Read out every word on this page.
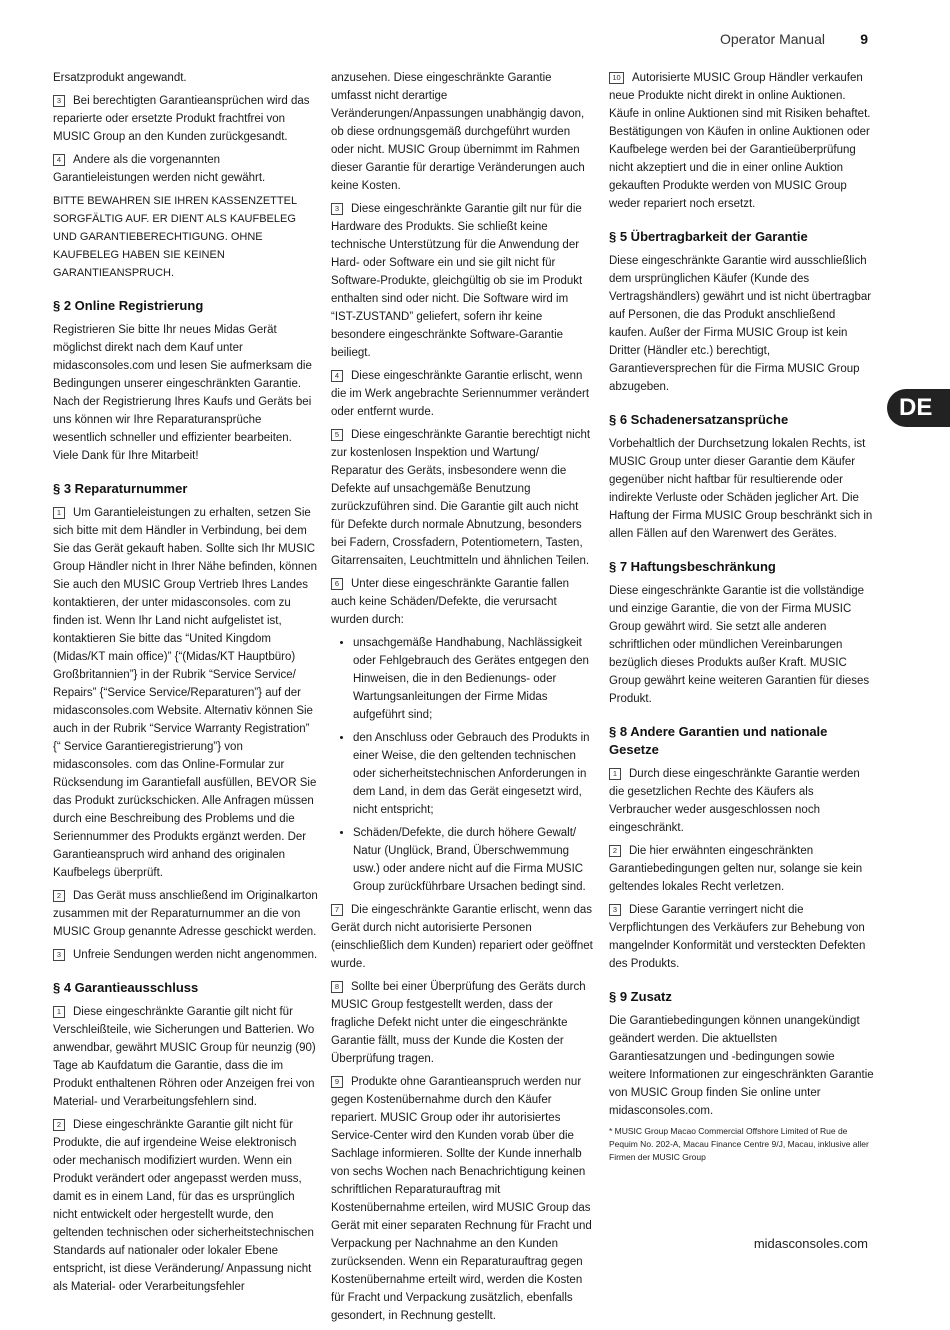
Operator Manual	9

Ersatzprodukt angewandt.

3 Bei berechtigten Garantieansprüchen wird das reparierte oder ersetzte Produkt frachtfrei von MUSIC Group an den Kunden zurückgesandt.

4 Andere als die vorgenannten Garantieleistungen werden nicht gewährt.

BITTE BEWAHREN SIE IHREN KASSENZETTEL SORGFÄLTIG AUF. ER DIENT ALS KAUFBELEG UND GARANTIEBERECHTIGUNG. OHNE KAUFBELEG HABEN SIE KEINEN GARANTIEANSPRUCH.

§ 2 Online Registrierung

Registrieren Sie bitte Ihr neues Midas Gerät möglichst direkt nach dem Kauf unter midasconsoles.com und lesen Sie aufmerksam die Bedingungen unserer eingeschränkten Garantie. Nach der Registrierung Ihres Kaufs und Geräts bei uns können wir Ihre Reparaturansprüche wesentlich schneller und effizienter bearbeiten. Viele Dank für Ihre Mitarbeit!

§ 3 Reparaturnummer

1 Um Garantieleistungen zu erhalten, setzen Sie sich bitte mit dem Händler in Verbindung, bei dem Sie das Gerät gekauft haben. Sollte sich Ihr MUSIC Group Händler nicht in Ihrer Nähe befinden, können Sie auch den MUSIC Group Vertrieb Ihres Landes kontaktieren, der unter midasconsoles. com zu finden ist. Wenn Ihr Land nicht aufgelistet ist, kontaktieren Sie bitte das “United Kingdom (Midas/KT main office)” {“(Midas/KT Hauptbüro) Großbritannien”} in der Rubrik “Service Service/ Repairs” {“Service Service/Reparaturen”} auf der midasconsoles.com Website. Alternativ können Sie auch in der Rubrik “Service Warranty Registration” {“ Service Garantieregistrierung”} von midasconsoles. com das Online-Formular zur Rücksendung im Garantiefall ausfüllen, BEVOR Sie das Produkt zurückschicken. Alle Anfragen müssen durch eine Beschreibung des Problems und die Seriennummer des Produkts ergänzt werden. Der Garantieanspruch wird anhand des originalen Kaufbelegs überprüft.

2 Das Gerät muss anschließend im Originalkarton zusammen mit der Reparaturnummer an die von MUSIC Group genannte Adresse geschickt werden.

3 Unfreie Sendungen werden nicht angenommen.

§ 4 Garantieausschluss

1 Diese eingeschränkte Garantie gilt nicht für Verschleißteile, wie Sicherungen und Batterien. Wo anwendbar, gewährt MUSIC Group für neunzig (90) Tage ab Kaufdatum die Garantie, dass die im Produkt enthaltenen Röhren oder Anzeigen frei von Material- und Verarbeitungsfehlern sind.

2 Diese eingeschränkte Garantie gilt nicht für Produkte, die auf irgendeine Weise elektronisch oder mechanisch modifiziert wurden. Wenn ein Produkt verändert oder angepasst werden muss, damit es in einem Land, für das es ursprünglich nicht entwickelt oder hergestellt wurde, den geltenden technischen oder sicherheitstechnischen Standards auf nationaler oder lokaler Ebene entspricht, ist diese Veränderung/ Anpassung nicht als Material- oder Verarbeitungsfehler

anzusehen. Diese eingeschränkte Garantie umfasst nicht derartige Veränderungen/Anpassungen unabhängig davon, ob diese ordnungsgemäß durchgeführt wurden oder nicht. MUSIC Group übernimmt im Rahmen dieser Garantie für derartige Veränderungen auch keine Kosten.

3 Diese eingeschränkte Garantie gilt nur für die Hardware des Produkts. Sie schließt keine technische Unterstützung für die Anwendung der Hard- oder Software ein und sie gilt nicht für Software-Produkte, gleichgültig ob sie im Produkt enthalten sind oder nicht. Die Software wird im “IST-ZUSTAND” geliefert, sofern ihr keine besondere eingeschränkte Software-Garantie beiliegt.

4 Diese eingeschränkte Garantie erlischt, wenn die im Werk angebrachte Seriennummer verändert oder entfernt wurde.

5 Diese eingeschränkte Garantie berechtigt nicht zur kostenlosen Inspektion und Wartung/ Reparatur des Geräts, insbesondere wenn die Defekte auf unsachgemäße Benutzung zurückzuführen sind. Die Garantie gilt auch nicht für Defekte durch normale Abnutzung, besonders bei Fadern, Crossfadern, Potentiometern, Tasten, Gitarrensaiten, Leuchtmitteln und ähnlichen Teilen.

6 Unter diese eingeschränkte Garantie fallen auch keine Schäden/Defekte, die verursacht wurden durch:

• unsachgemäße Handhabung, Nachlässigkeit oder Fehlgebrauch des Gerätes entgegen den Hinweisen, die in den Bedienungs- oder Wartungsanleitungen der Firme Midas aufgeführt sind;
• den Anschluss oder Gebrauch des Produkts in einer Weise, die den geltenden technischen oder sicherheitstechnischen Anforderungen in dem Land, in dem das Gerät eingesetzt wird, nicht entspricht;
• Schäden/Defekte, die durch höhere Gewalt/ Natur (Unglück, Brand, Überschwemmung usw.) oder andere nicht auf die Firma MUSIC Group zurückführbare Ursachen bedingt sind.

7 Die eingeschränkte Garantie erlischt, wenn das Gerät durch nicht autorisierte Personen (einschließlich dem Kunden) repariert oder geöffnet wurde.

8 Sollte bei einer Überprüfung des Geräts durch MUSIC Group festgestellt werden, dass der fragliche Defekt nicht unter die eingeschränkte Garantie fällt, muss der Kunde die Kosten der Überprüfung tragen.

9 Produkte ohne Garantieanspruch werden nur gegen Kostenübernahme durch den Käufer repariert. MUSIC Group oder ihr autorisiertes Service-Center wird den Kunden vorab über die Sachlage informieren. Sollte der Kunde innerhalb von sechs Wochen nach Benachrichtigung keinen schriftlichen Reparaturauftrag mit Kostenübernahme erteilen, wird MUSIC Group das Gerät mit einer separaten Rechnung für Fracht und Verpackung per Nachnahme an den Kunden zurücksenden. Wenn ein Reparaturauftrag gegen Kostenübernahme erteilt wird, werden die Kosten für Fracht und Verpackung zusätzlich, ebenfalls gesondert, in Rechnung gestellt.

10 Autorisierte MUSIC Group Händler verkaufen neue Produkte nicht direkt in online Auktionen. Käufe in online Auktionen sind mit Risiken behaftet. Bestätigungen von Käufen in online Auktionen oder Kaufbelege werden bei der Garantieüberprüfung nicht akzeptiert und die in einer online Auktion gekauften Produkte werden von MUSIC Group weder repariert noch ersetzt.

§ 5 Übertragbarkeit der Garantie

Diese eingeschränkte Garantie wird ausschließlich dem ursprünglichen Käufer (Kunde des Vertragshändlers) gewährt und ist nicht übertragbar auf Personen, die das Produkt anschließend kaufen. Außer der Firma MUSIC Group ist kein Dritter (Händler etc.) berechtigt, Garantieversprechen für die Firma MUSIC Group abzugeben.

§ 6 Schadenersatzansprüche

Vorbehaltlich der Durchsetzung lokalen Rechts, ist MUSIC Group unter dieser Garantie dem Käufer gegenüber nicht haftbar für resultierende oder indirekte Verluste oder Schäden jeglicher Art. Die Haftung der Firma MUSIC Group beschränkt sich in allen Fällen auf den Warenwert des Gerätes.

§ 7 Haftungsbeschränkung

Diese eingeschränkte Garantie ist die vollständige und einzige Garantie, die von der Firma MUSIC Group gewährt wird. Sie setzt alle anderen schriftlichen oder mündlichen Vereinbarungen bezüglich dieses Produkts außer Kraft. MUSIC Group gewährt keine weiteren Garantien für dieses Produkt.

§ 8 Andere Garantien und nationale Gesetze

1 Durch diese eingeschränkte Garantie werden die gesetzlichen Rechte des Käufers als Verbraucher weder ausgeschlossen noch eingeschränkt.

2 Die hier erwähnten eingeschränkten Garantiebedingungen gelten nur, solange sie kein geltendes lokales Recht verletzen.

3 Diese Garantie verringert nicht die Verpflichtungen des Verkäufers zur Behebung von mangelnder Konformität und versteckten Defekten des Produkts.

§ 9 Zusatz

Die Garantiebedingungen können unangekündigt geändert werden. Die aktuellsten Garantiesatzungen und -bedingungen sowie weitere Informationen zur eingeschränkten Garantie von MUSIC Group finden Sie online unter midasconsoles.com.

* MUSIC Group Macao Commercial Offshore Limited of Rue de Pequim No. 202-A, Macau Finance Centre 9/J, Macau, inklusive aller Firmen der MUSIC Group

DE
midasconsoles.com
